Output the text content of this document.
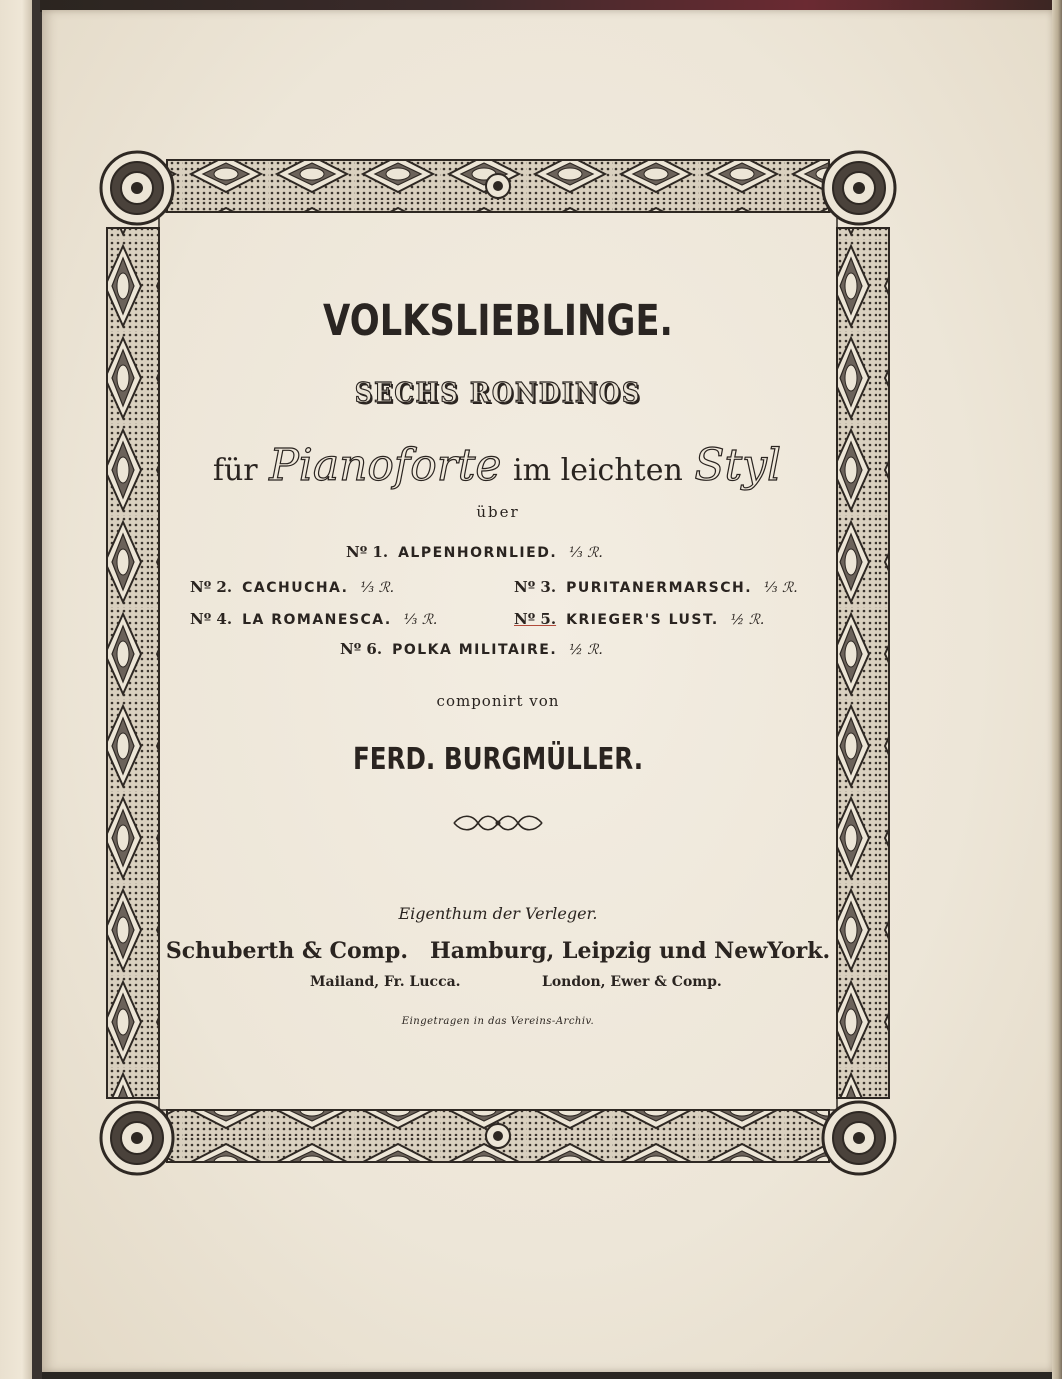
VOLKSLIEBLINGE.
SECHS RONDINOS
für Pianoforte im leichten Styl
über
Nº 1. ALPENHORNLIED. ⅓ ℛ.
Nº 2. CACHUCHA. ⅓ ℛ.	Nº 3. PURITANERMARSCH. ⅓ ℛ.
Nº 4. LA ROMANESCA. ⅓ ℛ.	Nº 5. KRIEGER'S LUST. ½ ℛ.
Nº 6. POLKA MILITAIRE. ½ ℛ.
componirt von
FERD. BURGMÜLLER.
Eigenthum der Verleger.
Schuberth & Comp. Hamburg, Leipzig und NewYork.
Mailand, Fr. Lucca.	London, Ewer & Comp.
Eingetragen in das Vereins-Archiv.
